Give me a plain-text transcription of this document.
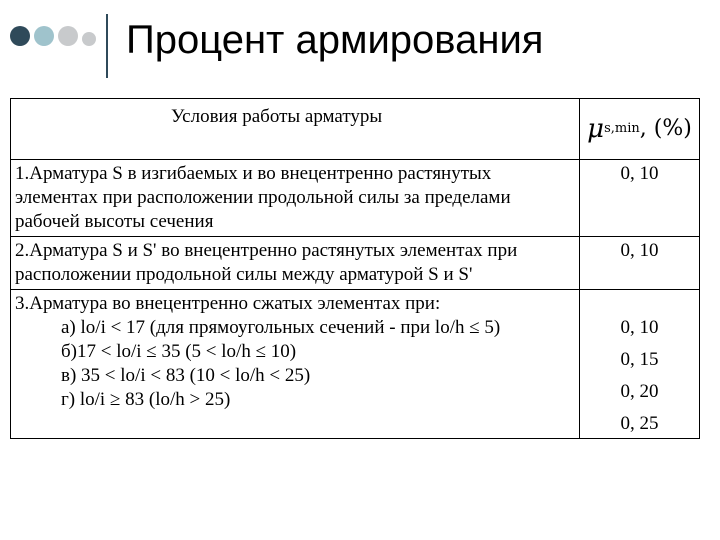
Процент армирования
Условия работы арматуры	μ s,min , (%)
1.Арматура S в изгибаемых и во внецентренно растянутых элементах при расположении продольной силы за пределами рабочей высоты сечения
0, 10
2.Арматура S и S' во внецентренно растянутых элементах при расположении продольной силы между арматурой S и S'
0, 10
3.Арматура во внецентренно сжатых элементах при:
а) lo/i < 17 (для прямоугольных сечений - при lo/h ≤ 5)
б)17 < lo/i ≤ 35 (5 < lo/h ≤ 10)
в) 35 < lo/i < 83 (10 < lo/h < 25)
г) lo/i ≥ 83 (lo/h > 25)
0, 10
0, 15
0, 20
0, 25
